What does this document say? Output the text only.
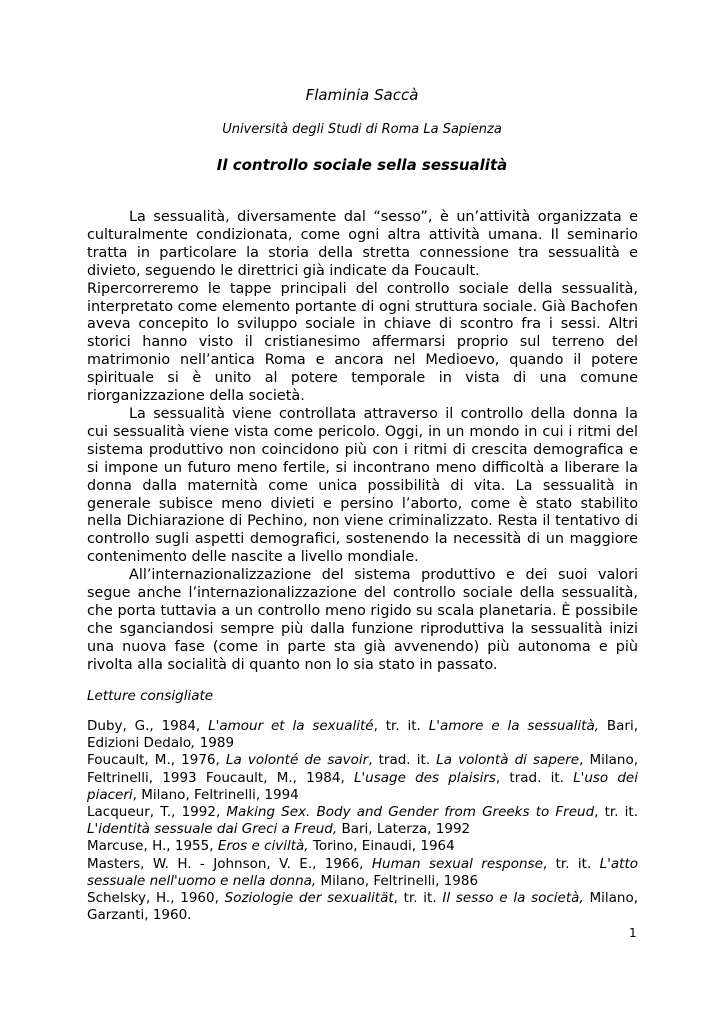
Flaminia Saccà
Università degli Studi di Roma La Sapienza
Il controllo sociale sella sessualità

La sessualità, diversamente dal “sesso”, è un’attività organizzata e culturalmente condizionata, come ogni altra attività umana. Il seminario tratta in particolare la storia della stretta connessione tra sessualità e divieto, seguendo le direttrici già indicate da Foucault.

Ripercorreremo le tappe principali del controllo sociale della sessualità, interpretato come elemento portante di ogni struttura sociale. Già Bachofen aveva concepito lo sviluppo sociale in chiave di scontro fra i sessi. Altri storici hanno visto il cristianesimo affermarsi proprio sul terreno del matrimonio nell’antica Roma e ancora nel Medioevo, quando il potere spirituale si è unito al potere temporale in vista di una comune riorganizzazione della società.

La sessualità viene controllata attraverso il controllo della donna la cui sessualità viene vista come pericolo. Oggi, in un mondo in cui i ritmi del sistema produttivo non coincidono più con i ritmi di crescita demografica e si impone un futuro meno fertile, si incontrano meno difficoltà a liberare la donna dalla maternità come unica possibilità di vita. La sessualità in generale subisce meno divieti e persino l’aborto, come è stato stabilito nella Dichiarazione di Pechino, non viene criminalizzato. Resta il tentativo di controllo sugli aspetti demografici, sostenendo la necessità di un maggiore contenimento delle nascite a livello mondiale.

All’internazionalizzazione del sistema produttivo e dei suoi valori segue anche l’internazionalizzazione del controllo sociale della sessualità, che porta tuttavia a un controllo meno rigido su scala planetaria. È possibile che sganciandosi sempre più dalla funzione riproduttiva la sessualità inizi una nuova fase (come in parte sta già avvenendo) più autonoma e più rivolta alla socialità di quanto non lo sia stato in passato.

Letture consigliate

Duby, G., 1984, L'amour et la sexualité, tr. it. L'amore e la sessualità, Bari, Edizioni Dedalo, 1989

Foucault, M., 1976, La volonté de savoir, trad. it. La volontà di sapere, Milano, Feltrinelli, 1993 Foucault, M., 1984, L'usage des plaisirs, trad. it. L'uso dei piaceri, Milano, Feltrinelli, 1994

Lacqueur, T., 1992, Making Sex. Body and Gender from Greeks to Freud, tr. it. L'identità sessuale dai Greci a Freud, Bari, Laterza, 1992

Marcuse, H., 1955, Eros e civiltà, Torino, Einaudi, 1964

Masters, W. H. - Johnson, V. E., 1966, Human sexual response, tr. it. L'atto sessuale nell'uomo e nella donna, Milano, Feltrinelli, 1986

Schelsky, H., 1960, Soziologie der sexualität, tr. it. Il sesso e la società, Milano, Garzanti, 1960.

1
